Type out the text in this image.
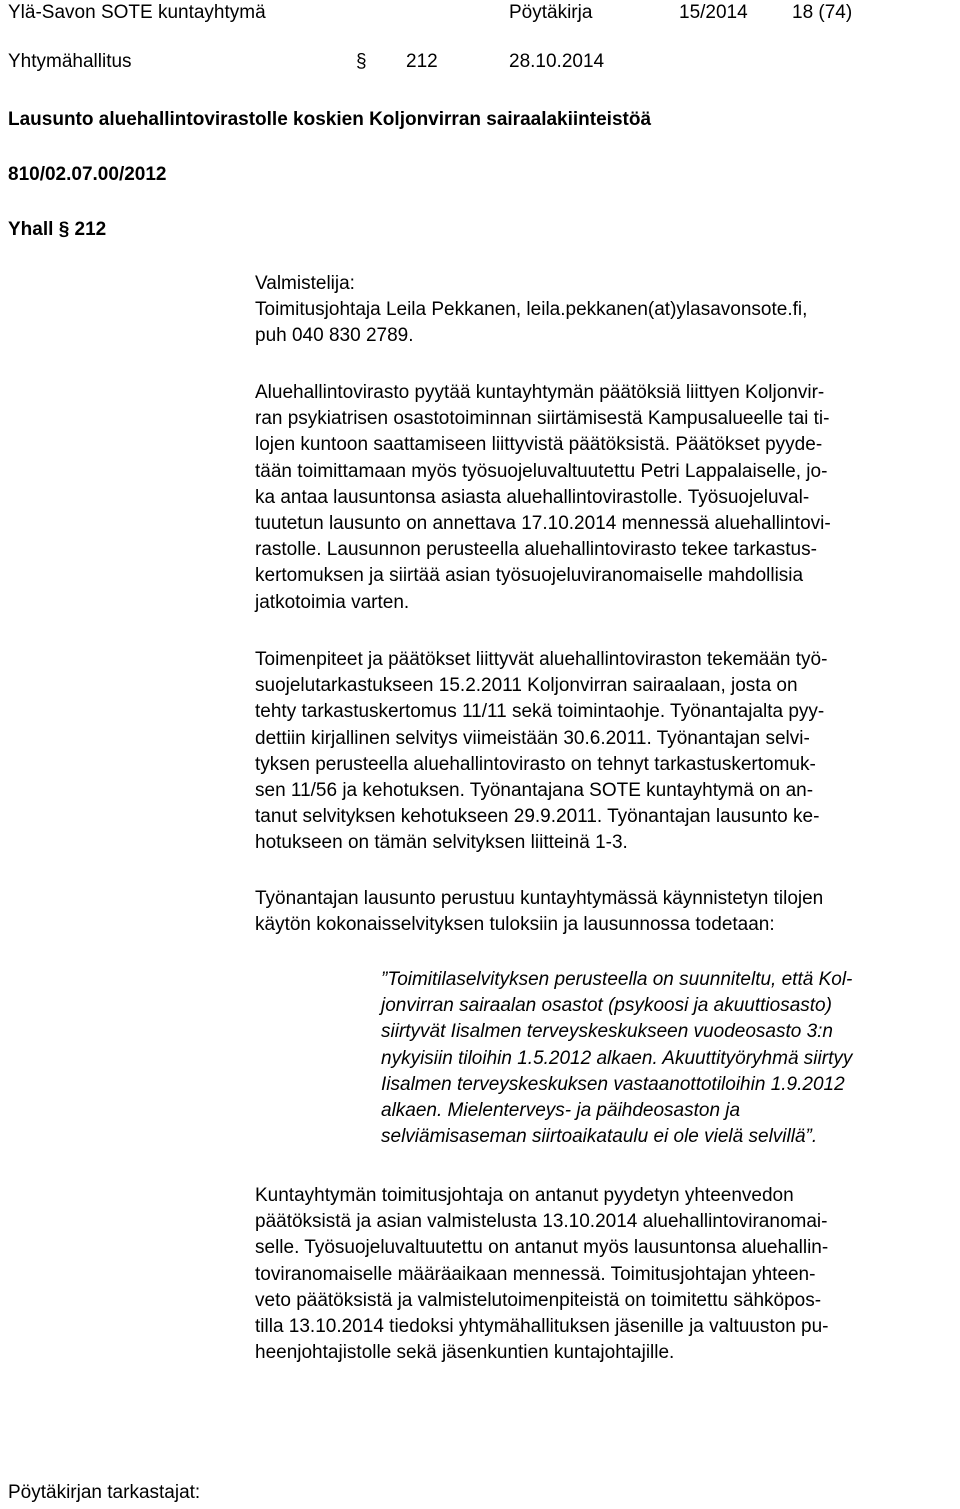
Ylä-Savon SOTE kuntayhtymä	Pöytäkirja	15/2014 18 (74)
Yhtymähallitus	§ 212	28.10.2014
Lausunto aluehallintovirastolle koskien Koljonvirran sairaalakiinteistöä
810/02.07.00/2012
Yhall § 212
Valmistelija:
Toimitusjohtaja Leila Pekkanen, leila.pekkanen(at)ylasavonsote.fi,
puh 040 830 2789.
Aluehallintovirasto pyytää kuntayhtymän päätöksiä liittyen Koljonvir-
ran psykiatrisen osastotoiminnan siirtämisestä Kampusalueelle tai ti-
lojen kuntoon saattamiseen liittyvistä päätöksistä. Päätökset pyyde-
tään toimittamaan myös työsuojeluvaltuutettu Petri Lappalaiselle, jo-
ka antaa lausuntonsa asiasta aluehallintovirastolle. Työsuojeluval-
tuutetun lausunto on annettava 17.10.2014 mennessä aluehallintovi-
rastolle. Lausunnon perusteella aluehallintovirasto tekee tarkastus-
kertomuksen ja siirtää asian työsuojeluviranomaiselle mahdollisia
jatkotoimia varten.
Toimenpiteet ja päätökset liittyvät aluehallintoviraston tekemään työ-
suojelutarkastukseen 15.2.2011 Koljonvirran sairaalaan, josta on
tehty tarkastuskertomus 11/11 sekä toimintaohje. Työnantajalta pyy-
dettiin kirjallinen selvitys viimeistään 30.6.2011. Työnantajan selvi-
tyksen perusteella aluehallintovirasto on tehnyt tarkastuskertomuk-
sen 11/56 ja kehotuksen. Työnantajana SOTE kuntayhtymä on an-
tanut selvityksen kehotukseen 29.9.2011. Työnantajan lausunto ke-
hotukseen on tämän selvityksen liitteinä 1-3.
Työnantajan lausunto perustuu kuntayhtymässä käynnistetyn tilojen
käytön kokonaisselvityksen tuloksiin ja lausunnossa todetaan:
”Toimitilaselvityksen perusteella on suunniteltu, että Kol-
jonvirran sairaalan osastot (psykoosi ja akuuttiosasto)
siirtyvät Iisalmen terveyskeskukseen vuodeosasto 3:n
nykyisiin tiloihin 1.5.2012 alkaen. Akuuttityöryhmä siirtyy
Iisalmen terveyskeskuksen vastaanottotiloihin 1.9.2012
alkaen. Mielenterveys- ja päihdeosaston ja
selviämisaseman siirtoaikataulu ei ole vielä selvillä”.
Kuntayhtymän toimitusjohtaja on antanut pyydetyn yhteenvedon
päätöksistä ja asian valmistelusta 13.10.2014 aluehallintoviranomai-
selle. Työsuojeluvaltuutettu on antanut myös lausuntonsa aluehallin-
toviranomaiselle määräaikaan mennessä. Toimitusjohtajan yhteen-
veto päätöksistä ja valmistelutoimenpiteistä on toimitettu sähköpos-
tilla 13.10.2014 tiedoksi yhtymähallituksen jäsenille ja valtuuston pu-
heenjohtajistolle sekä jäsenkuntien kuntajohtajille.
Pöytäkirjan tarkastajat:
